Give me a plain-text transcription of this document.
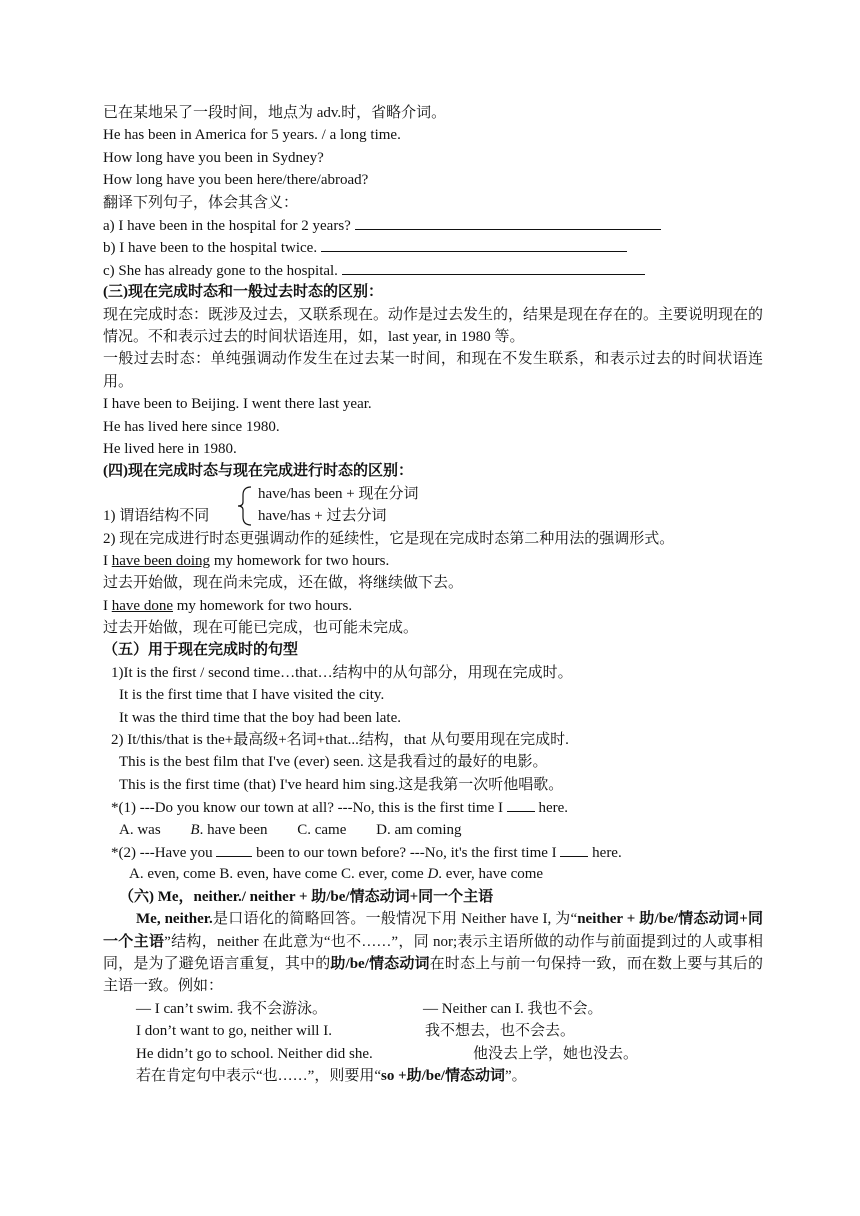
已在某地呆了一段时间，地点为 adv.时，省略介词。
He has been in America for 5 years. / a long time.
How long have you been in Sydney?
How long have you been here/there/abroad?
翻译下列句子，体会其含义：
a) I have been in the hospital for 2 years?
b) I have been to the hospital twice.
c) She has already gone to the hospital.
(三)现在完成时态和一般过去时态的区别：
现在完成时态：既涉及过去，又联系现在。动作是过去发生的，结果是现在存在的。主要说明现在的情况。不和表示过去的时间状语连用，如，last year, in 1980 等。
一般过去时态：单纯强调动作发生在过去某一时间，和现在不发生联系，和表示过去的时间状语连用。
I have been to Beijing. I went there last year.
He has lived here since 1980.
He lived here in 1980.
(四)现在完成时态与现在完成进行时态的区别：
1) 谓语结构不同
have/has been + 现在分词
have/has + 过去分词
2) 现在完成进行时态更强调动作的延续性，它是现在完成时态第二种用法的强调形式。
I have been doing my homework for two hours.
过去开始做，现在尚未完成，还在做，将继续做下去。
I have done my homework for two hours.
过去开始做，现在可能已完成，也可能未完成。
（五）用于现在完成时的句型
1)It is the first / second time…that…结构中的从句部分，用现在完成时。
It is the first time that I have visited the city.
It was the third time that the boy had been late.
2) It/this/that is the+最高级+名词+that...结构，that 从句要用现在完成时.
This is the best film that I've (ever) seen. 这是我看过的最好的电影。
This is the first time (that) I've heard him sing.这是我第一次听他唱歌。
*(1) ---Do you know our town at all? ---No, this is the first time I  here.
A. was B. have been C. came D. am coming
*(2) ---Have you  been to our town before? ---No, it's the first time I  here.
A. even, come B. even, have come C. ever, come D. ever, have come
（六) Me，neither./ neither + 助/be/情态动词+同一个主语
Me, neither.是口语化的简略回答。一般情况下用 Neither have I, 为“neither + 助/be/情态动词+同一个主语”结构，neither 在此意为“也不……”，同 nor;表示主语所做的动作与前面提到过的人或事相同，是为了避免语言重复，其中的助/be/情态动词在时态上与前一句保持一致，而在数上要与其后的主语一致。例如：
— I can’t swim. 我不会游泳。	— Neither can I. 我也不会。
I don’t want to go, neither will I.	我不想去，也不会去。
He didn’t go to school. Neither did she.	他没去上学，她也没去。
若在肯定句中表示“也……”，则要用“so +助/be/情态动词”。
